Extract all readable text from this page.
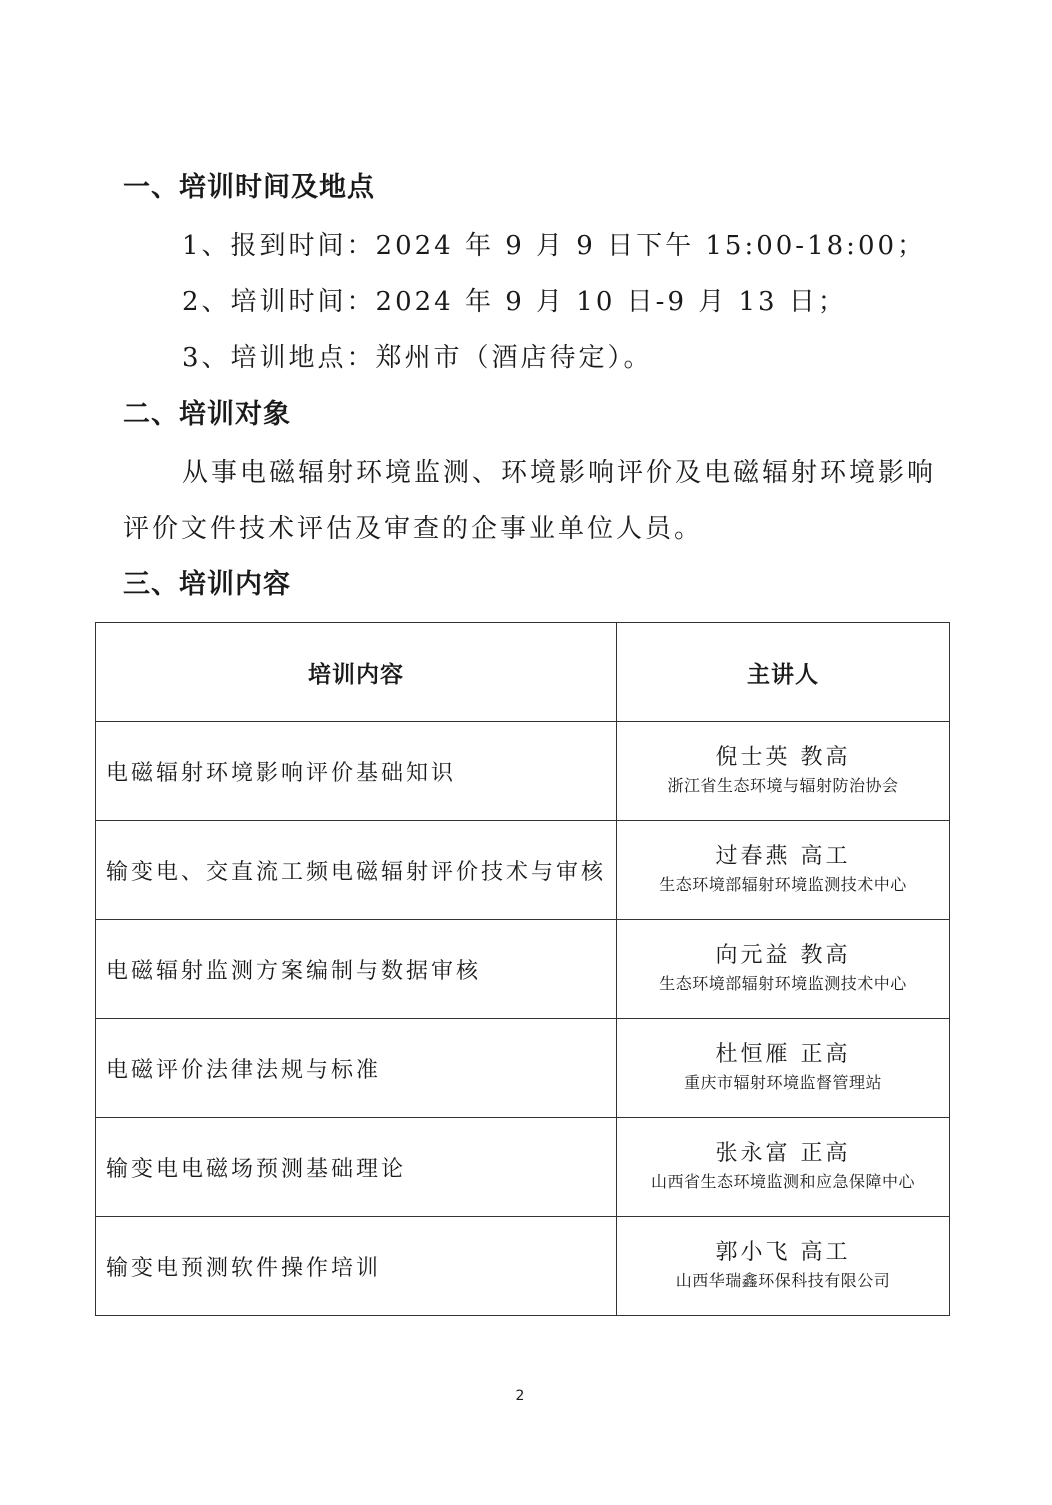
一、培训时间及地点
1、报到时间：2024 年 9 月 9 日下午 15:00-18:00；
2、培训时间：2024 年 9 月 10 日-9 月 13 日；
3、培训地点：郑州市（酒店待定）。
二、培训对象
从事电磁辐射环境监测、环境影响评价及电磁辐射环境影响
评价文件技术评估及审查的企事业单位人员。
三、培训内容
培训内容	主讲人
电磁辐射环境影响评价基础知识	倪士英 教高
浙江省生态环境与辐射防治协会

输变电、交直流工频电磁辐射评价技术与审核	过春燕 高工
生态环境部辐射环境监测技术中心

电磁辐射监测方案编制与数据审核	向元益 教高
生态环境部辐射环境监测技术中心

电磁评价法律法规与标准	杜恒雁 正高
重庆市辐射环境监督管理站

输变电电磁场预测基础理论	张永富 正高
山西省生态环境监测和应急保障中心

输变电预测软件操作培训	郭小飞 高工
山西华瑞鑫环保科技有限公司
2
